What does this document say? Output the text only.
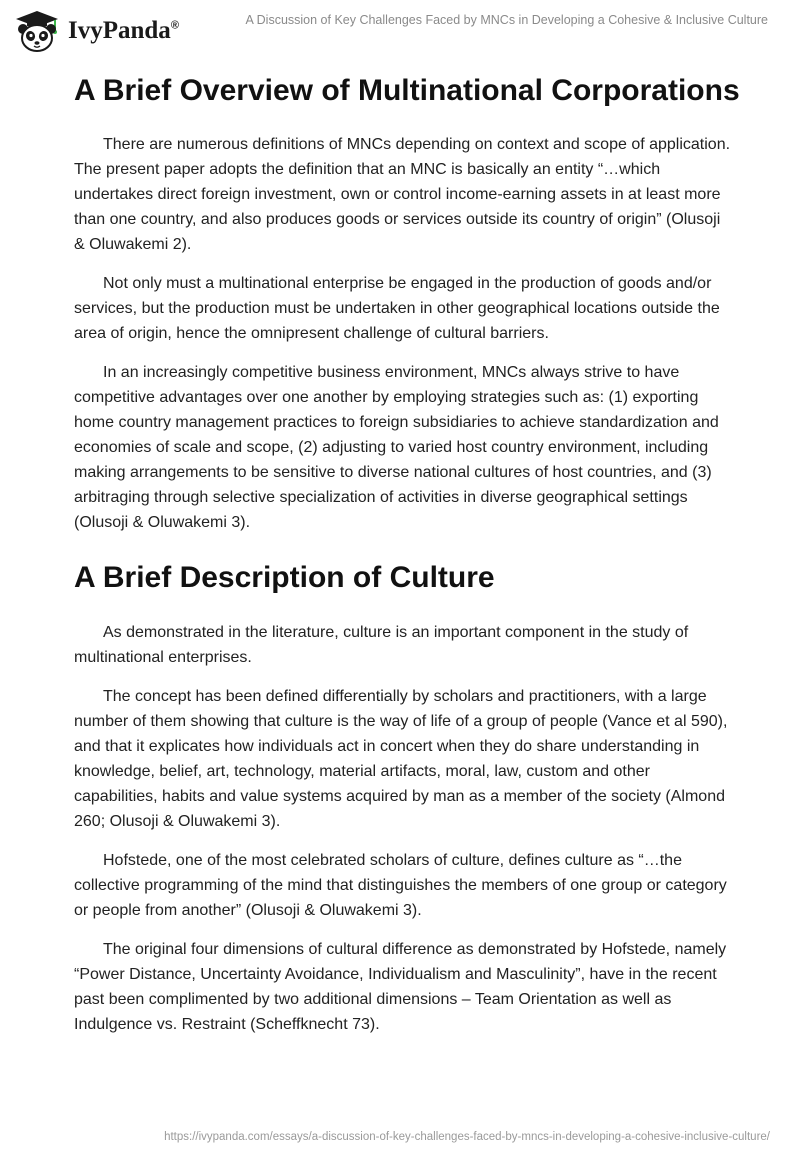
IvyPanda®	A Discussion of Key Challenges Faced by MNCs in Developing a Cohesive & Inclusive Culture
A Brief Overview of Multinational Corporations

There are numerous definitions of MNCs depending on context and scope of application. The present paper adopts the definition that an MNC is basically an entity “…which undertakes direct foreign investment, own or control income-earning assets in at least more than one country, and also produces goods or services outside its country of origin” (Olusoji & Oluwakemi 2).

Not only must a multinational enterprise be engaged in the production of goods and/or services, but the production must be undertaken in other geographical locations outside the area of origin, hence the omnipresent challenge of cultural barriers.

In an increasingly competitive business environment, MNCs always strive to have competitive advantages over one another by employing strategies such as: (1) exporting home country management practices to foreign subsidiaries to achieve standardization and economies of scale and scope, (2) adjusting to varied host country environment, including making arrangements to be sensitive to diverse national cultures of host countries, and (3) arbitraging through selective specialization of activities in diverse geographical settings (Olusoji & Oluwakemi 3).

A Brief Description of Culture

As demonstrated in the literature, culture is an important component in the study of multinational enterprises.

The concept has been defined differentially by scholars and practitioners, with a large number of them showing that culture is the way of life of a group of people (Vance et al 590), and that it explicates how individuals act in concert when they do share understanding in knowledge, belief, art, technology, material artifacts, moral, law, custom and other capabilities, habits and value systems acquired by man as a member of the society (Almond 260; Olusoji & Oluwakemi 3).

Hofstede, one of the most celebrated scholars of culture, defines culture as “…the collective programming of the mind that distinguishes the members of one group or category or people from another” (Olusoji & Oluwakemi 3).

The original four dimensions of cultural difference as demonstrated by Hofstede, namely “Power Distance, Uncertainty Avoidance, Individualism and Masculinity”, have in the recent past been complimented by two additional dimensions – Team Orientation as well as Indulgence vs. Restraint (Scheffknecht 73).

https://ivypanda.com/essays/a-discussion-of-key-challenges-faced-by-mncs-in-developing-a-cohesive-inclusive-culture/
